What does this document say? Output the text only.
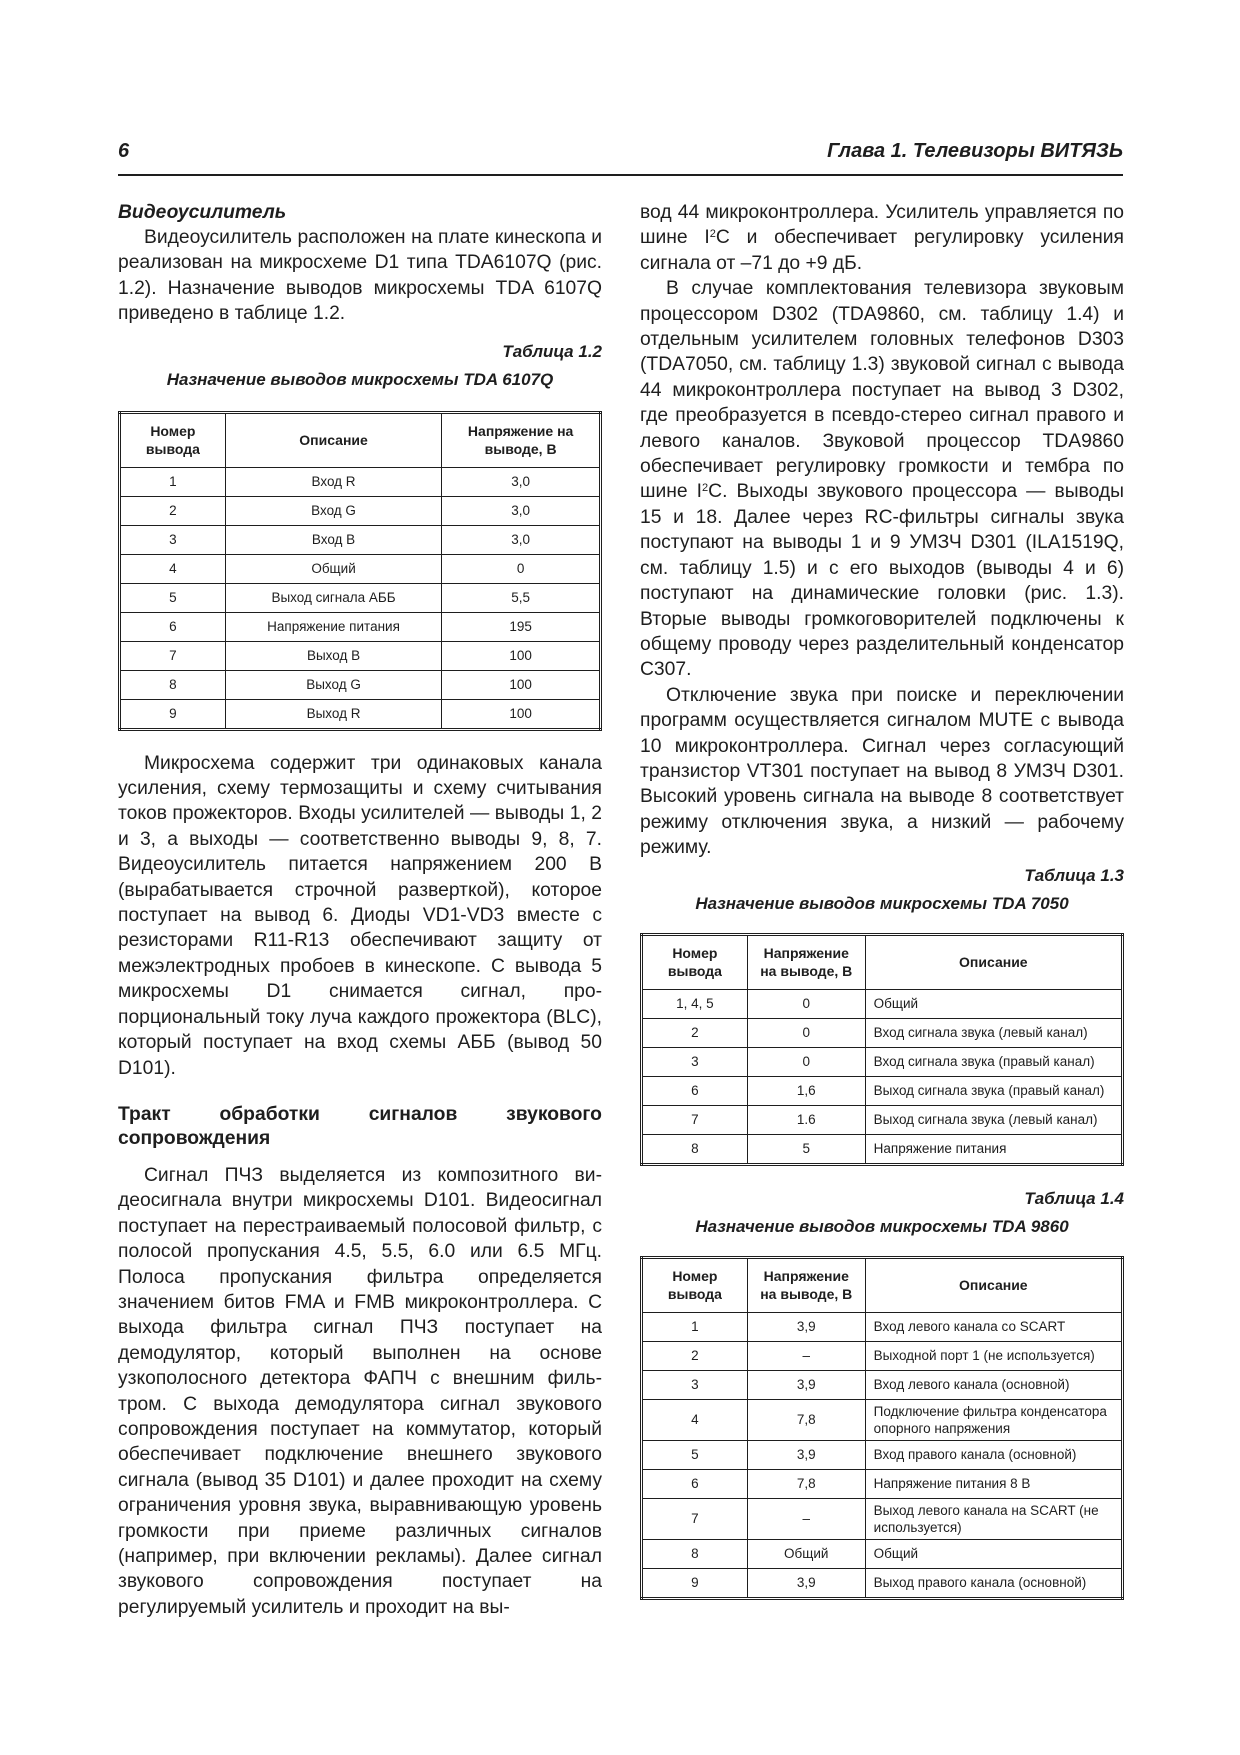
6	Глава 1. Телевизоры ВИТЯЗЬ
Видеоусилитель

Видеоусилитель расположен на плате кинескопа и реализован на микросхеме D1 типа TDA6107Q (рис. 1.2). Назначение выводов микросхемы TDA 6107Q приведено в таблице 1.2.

Таблица 1.2
Назначение выводов микросхемы TDA 6107Q
Номер вывода	Описание	Напряжение на выводе, В
1	Вход R	3,0
2	Вход G	3,0
3	Вход B	3,0
4	Общий	0
5	Выход сигнала АББ	5,5
6	Напряжение питания	195
7	Выход B	100
8	Выход G	100
9	Выход R	100

Микросхема содержит три одинаковых канала усиления, схему термозащиты и схему считывания токов прожекторов. Входы усилителей — выводы 1, 2 и 3, а выходы — соответственно выводы 9, 8, 7. Видеоусилитель питается напряжением 200 В (вырабатывается строчной разверткой), которое поступает на вывод 6. Диоды VD1-VD3 вместе с резисторами R11-R13 обеспечивают защиту от межэлектродных пробоев в кинескопе. С вывода 5 микросхемы D1 снимается сигнал, пропорциональный току луча каждого прожектора (BLC), который поступает на вход схемы АББ (вывод 50 D101).

Тракт	обработки	сигналов	звукового
сопровождения

Сигнал ПЧЗ выделяется из композитного видеосигнала внутри микросхемы D101. Видеосигнал поступает на перестраиваемый полосовой фильтр, с полосой пропускания 4.5, 5.5, 6.0 или 6.5 МГц. Полоса пропускания фильтра определяется значением битов FMA и FMB микроконтроллера. С выхода фильтра сигнал ПЧЗ поступает на демодулятор, который выполнен на основе узкополосного детектора ФАПЧ с внешним фильтром. С выхода демодулятора сигнал звукового сопровождения поступает на коммутатор, который обеспечивает подключение внешнего звукового сигнала (вывод 35 D101) и далее проходит на схему ограничения уровня звука, выравнивающую уровень громкости при приеме различных сигналов (например, при включении рекламы). Далее сигнал звукового сопровождения поступает на регулируемый усилитель и проходит на вы-

вод 44 микроконтроллера. Усилитель управляется по шине $I^2C$ и обеспечивает регулировку усиления сигнала от –71 до +9 дБ.

В случае комплектования телевизора звуковым процессором D302 (TDA9860, см. таблицу 1.4) и отдельным усилителем головных телефонов D303 (TDA7050, см. таблицу 1.3) звуковой сигнал с вывода 44 микроконтроллера поступает на вывод 3 D302, где преобразуется в псевдо-стерео сигнал правого и левого каналов. Звуковой процессор TDA9860 обеспечивает регулировку громкости и тембра по шине $I^2C$. Выходы звукового процессора — выводы 15 и 18. Далее через RC-фильтры сигналы звука поступают на выводы 1 и 9 УМЗЧ D301 (ILA1519Q, см. таблицу 1.5) и с его выходов (выводы 4 и 6) поступают на динамические головки (рис. 1.3). Вторые выводы громкоговорителей подключены к общему проводу через разделительный конденсатор С307.

Отключение звука при поиске и переключении программ осуществляется сигналом MUTE с вывода 10 микроконтроллера. Сигнал через согласующий транзистор VT301 поступает на вывод 8 УМЗЧ D301. Высокий уровень сигнала на выводе 8 соответствует режиму отключения звука, а низкий — рабочему режиму.

Таблица 1.3
Назначение выводов микросхемы TDA 7050
Номер вывода	Напряжение на выводе, В	Описание
1, 4, 5	0	Общий
2	0	Вход сигнала звука (левый канал)
3	0	Вход сигнала звука (правый канал)
6	1,6	Выход сигнала звука (правый канал)
7	1.6	Выход сигнала звука (левый канал)
8	5	Напряжение питания
Таблица 1.4
Назначение выводов микросхемы TDA 9860
Номер вывода	Напряжение на выводе, В	Описание
1	3,9	Вход левого канала со SCART
2	–	Выходной порт 1 (не используется)
3	3,9	Вход левого канала (основной)
4	7,8	Подключение фильтра конденсатора опорного напряжения
5	3,9	Вход правого канала (основной)
6	7,8	Напряжение питания 8 В
7	–	Выход левого канала на SCART (не используется)
8	Общий	Общий
9	3,9	Выход правого канала (основной)
